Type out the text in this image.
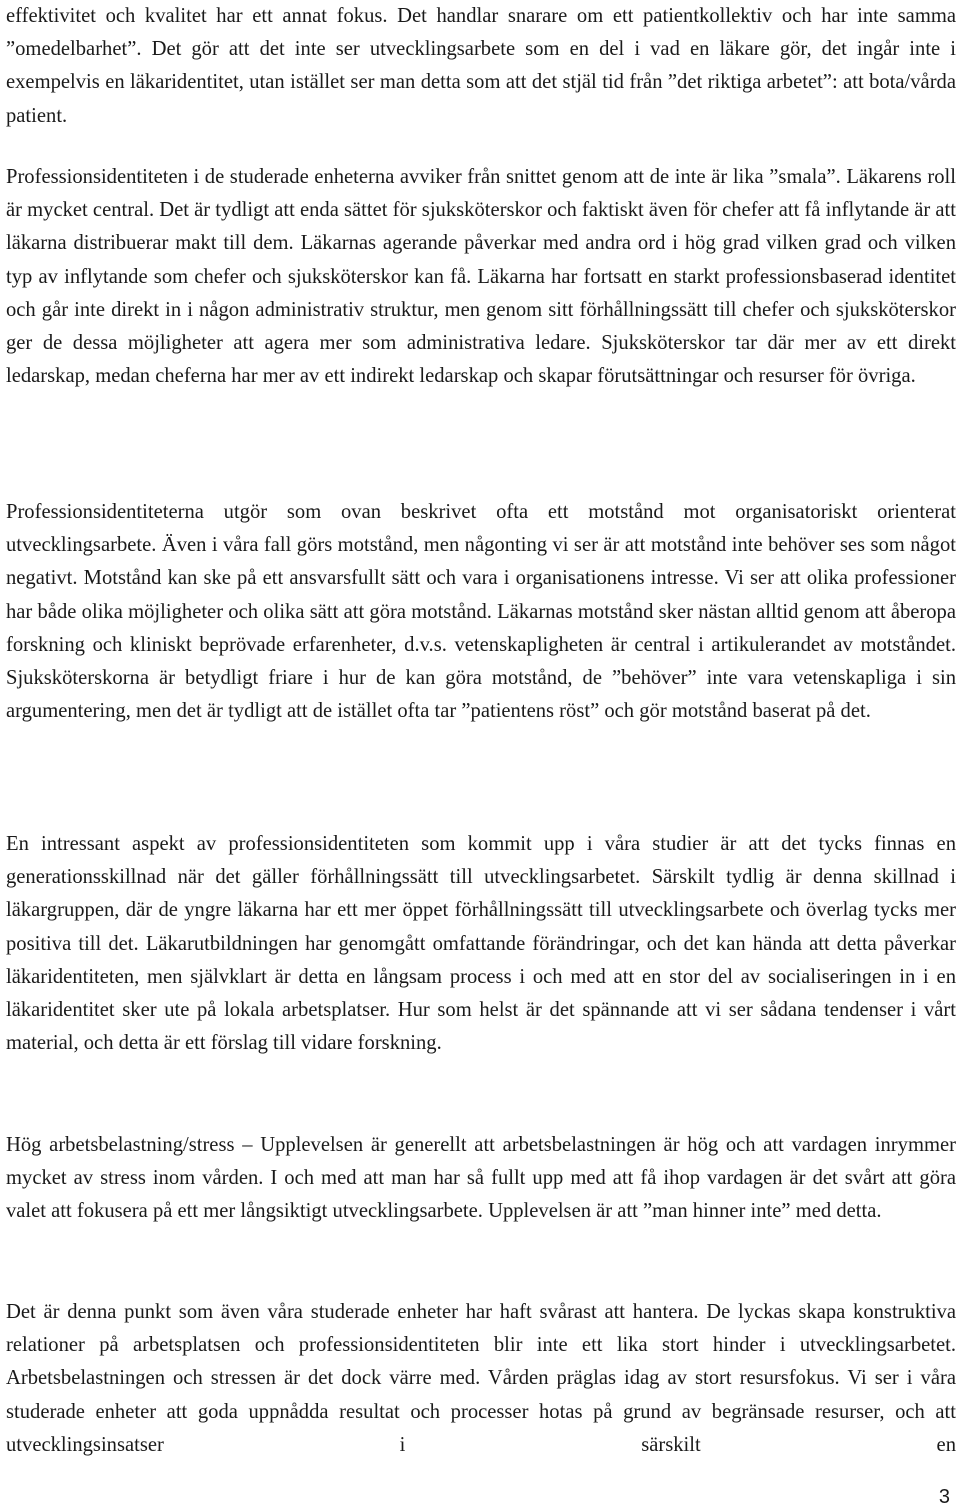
effektivitet och kvalitet har ett annat fokus. Det handlar snarare om ett patientkollektiv och har inte samma ”omedelbarhet”. Det gör att det inte ser utvecklingsarbete som en del i vad en läkare gör, det ingår inte i exempelvis en läkaridentitet, utan istället ser man detta som att det stjäl tid från ”det riktiga arbetet”: att bota/vårda patient.

Professionsidentiteten i de studerade enheterna avviker från snittet genom att de inte är lika ”smala”. Läkarens roll är mycket central. Det är tydligt att enda sättet för sjuksköterskor och faktiskt även för chefer att få inflytande är att läkarna distribuerar makt till dem. Läkarnas agerande påverkar med andra ord i hög grad vilken grad och vilken typ av inflytande som chefer och sjuksköterskor kan få. Läkarna har fortsatt en starkt professionsbaserad identitet och går inte direkt in i någon administrativ struktur, men genom sitt förhållningssätt till chefer och sjuksköterskor ger de dessa möjligheter att agera mer som administrativa ledare. Sjuksköterskor tar där mer av ett direkt ledarskap, medan cheferna har mer av ett indirekt ledarskap och skapar förutsättningar och resurser för övriga.

Professionsidentiteterna utgör som ovan beskrivet ofta ett motstånd mot organisatoriskt orienterat utvecklingsarbete. Även i våra fall görs motstånd, men någonting vi ser är att motstånd inte behöver ses som något negativt. Motstånd kan ske på ett ansvarsfullt sätt och vara i organisationens intresse. Vi ser att olika professioner har både olika möjligheter och olika sätt att göra motstånd. Läkarnas motstånd sker nästan alltid genom att åberopa forskning och kliniskt beprövade erfarenheter, d.v.s. vetenskapligheten är central i artikulerandet av motståndet. Sjuksköterskorna är betydligt friare i hur de kan göra motstånd, de ”behöver” inte vara vetenskapliga i sin argumentering, men det är tydligt att de istället ofta tar ”patientens röst” och gör motstånd baserat på det.

En intressant aspekt av professionsidentiteten som kommit upp i våra studier är att det tycks finnas en generationsskillnad när det gäller förhållningssätt till utvecklingsarbetet. Särskilt tydlig är denna skillnad i läkargruppen, där de yngre läkarna har ett mer öppet förhållningssätt till utvecklingsarbete och överlag tycks mer positiva till det. Läkarutbildningen har genomgått omfattande förändringar, och det kan hända att detta påverkar läkaridentiteten, men självklart är detta en långsam process i och med att en stor del av socialiseringen in i en läkaridentitet sker ute på lokala arbetsplatser. Hur som helst är det spännande att vi ser sådana tendenser i vårt material, och detta är ett förslag till vidare forskning.

Hög arbetsbelastning/stress – Upplevelsen är generellt att arbetsbelastningen är hög och att vardagen inrymmer mycket av stress inom vården. I och med att man har så fullt upp med att få ihop vardagen är det svårt att göra valet att fokusera på ett mer långsiktigt utvecklingsarbete. Upplevelsen är att ”man hinner inte” med detta.

Det är denna punkt som även våra studerade enheter har haft svårast att hantera. De lyckas skapa konstruktiva relationer på arbetsplatsen och professionsidentiteten blir inte ett lika stort hinder i utvecklingsarbetet. Arbetsbelastningen och stressen är det dock värre med. Vården präglas idag av stort resursfokus. Vi ser i våra studerade enheter att goda uppnådda resultat och processer hotas på grund av begränsade resurser, och att utvecklingsinsatser i särskilt en

3
